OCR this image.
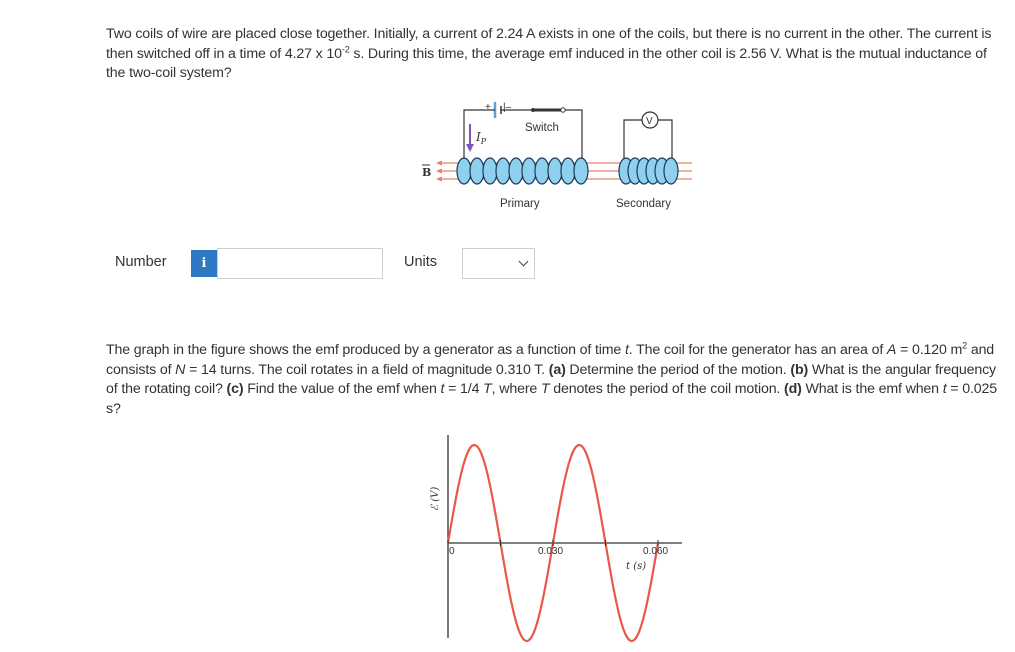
Two coils of wire are placed close together. Initially, a current of 2.24 A exists in one of the coils, but there is no current in the other. The current is then switched off in a time of 4.27 x $10^{-2}$ s. During this time, the average emf induced in the other coil is 2.56 V. What is the mutual inductance of the two-coil system?

+ |–
Switch
$I_P$
B
Primary
V
Secondary
Number	i	Units

The graph in the figure shows the emf produced by a generator as a function of time t. The coil for the generator has an area of A = 0.120 $m^2$ and consists of N = 14 turns. The coil rotates in a field of magnitude 0.310 T. (a) Determine the period of the motion. (b) What is the angular frequency of the rotating coil? (c) Find the value of the emf when t = 1/4 T, where T denotes the period of the coil motion. (d) What is the emf when t = 0.025 s?

ℰ (V)
0	0.030	0.060
t (s)
